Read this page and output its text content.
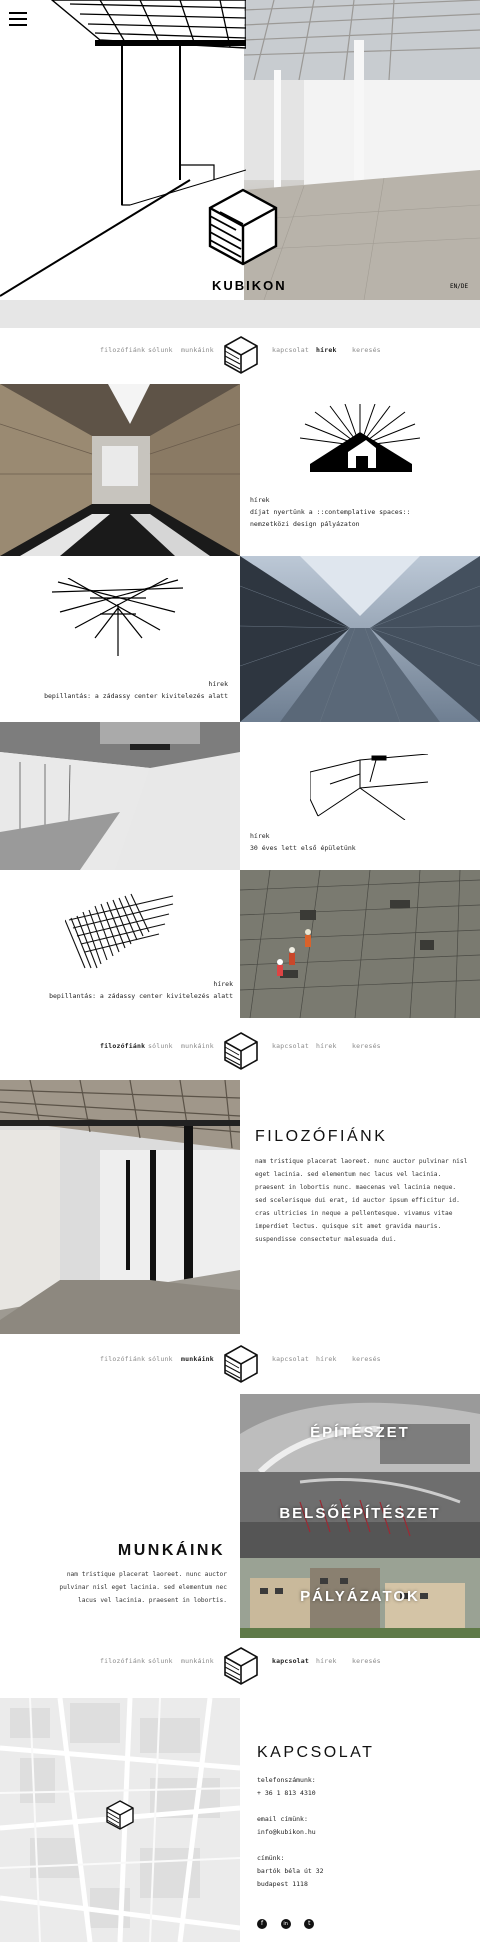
KUBIKON	EN/DE
filozófiánk sólunk munkáink	kapcsolat hírek keresés
hírek
díjat nyertünk a ::contemplative spaces::
nemzetközi design pályázaton
hírek
bepillantás: a zádassy center kivitelezés alatt
hírek
30 éves lett első épületünk
hírek
bepillantás: a zádassy center kivitelezés alatt
filozófiánk sólunk munkáink	kapcsolat hírek keresés
FILOZÓFIÁNK
nam tristique placerat laoreet. nunc auctor pulvinar nisl
eget lacinia. sed elementum nec lacus vel lacinia.
praesent in lobortis nunc. maecenas vel lacinia neque.
sed scelerisque dui erat, id auctor ipsum efficitur id.
cras ultricies in neque a pellentesque. vivamus vitae
imperdiet lectus. quisque sit amet gravida mauris.
suspendisse consectetur malesuada dui.
filozófiánk sólunk munkáink	kapcsolat hírek keresés
MUNKÁINK
nam tristique placerat laoreet. nunc auctor
pulvinar nisl eget lacinia. sed elementum nec
lacus vel lacinia. praesent in lobortis.
ÉPÍTÉSZET
BELSŐÉPÍTÉSZET
PÁLYÁZATOK
filozófiánk sólunk munkáink	kapcsolat hírek keresés
KAPCSOLAT
telefonszámunk:
+ 36 1 813 4310
email címünk:
info@kubikon.hu
címünk:
bartók béla út 32
budapest 1118
f	in	t
